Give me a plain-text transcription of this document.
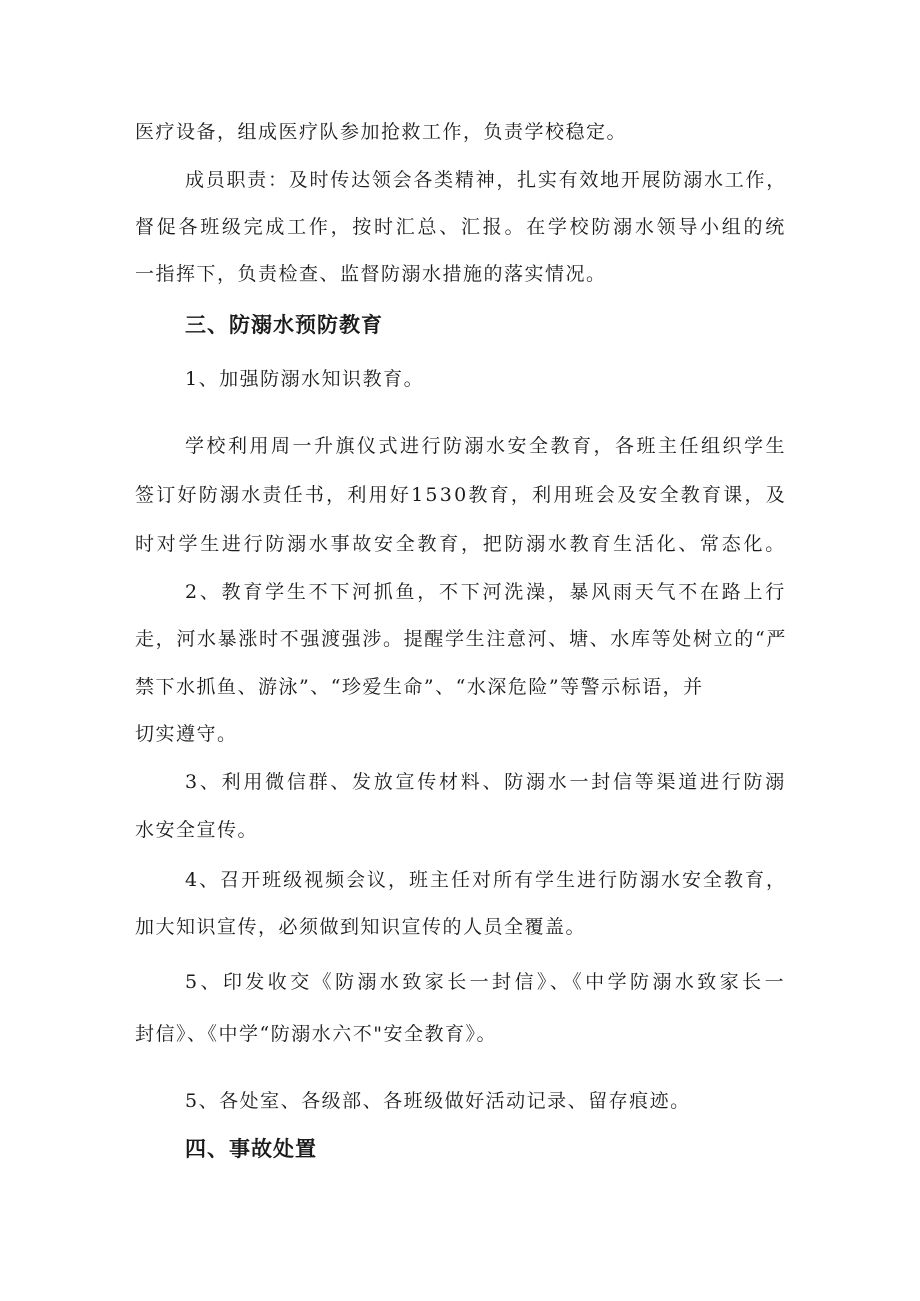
医疗设备，组成医疗队参加抢救工作，负责学校稳定。
成员职责：及时传达领会各类精神，扎实有效地开展防溺水工作，
督促各班级完成工作，按时汇总、汇报。在学校防溺水领导小组的统
一指挥下，负责检查、监督防溺水措施的落实情况。
三、防溺水预防教育
1、加强防溺水知识教育。
学校利用周一升旗仪式进行防溺水安全教育，各班主任组织学生
签订好防溺水责任书，利用好1530教育，利用班会及安全教育课，及
时对学生进行防溺水事故安全教育，把防溺水教育生活化、常态化。
2、教育学生不下河抓鱼，不下河洗澡，暴风雨天气不在路上行
走，河水暴涨时不强渡强涉。提醒学生注意河、塘、水库等处树立的“严
禁下水抓鱼、游泳”、“珍爱生命”、“水深危险”等警示标语，并
切实遵守。
3、利用微信群、发放宣传材料、防溺水一封信等渠道进行防溺
水安全宣传。
4、召开班级视频会议，班主任对所有学生进行防溺水安全教育，
加大知识宣传，必须做到知识宣传的人员全覆盖。
5、印发收交《防溺水致家长一封信》、《中学防溺水致家长一
封信》、《中学“防溺水六不"安全教育》。
5、各处室、各级部、各班级做好活动记录、留存痕迹。
四、事故处置
